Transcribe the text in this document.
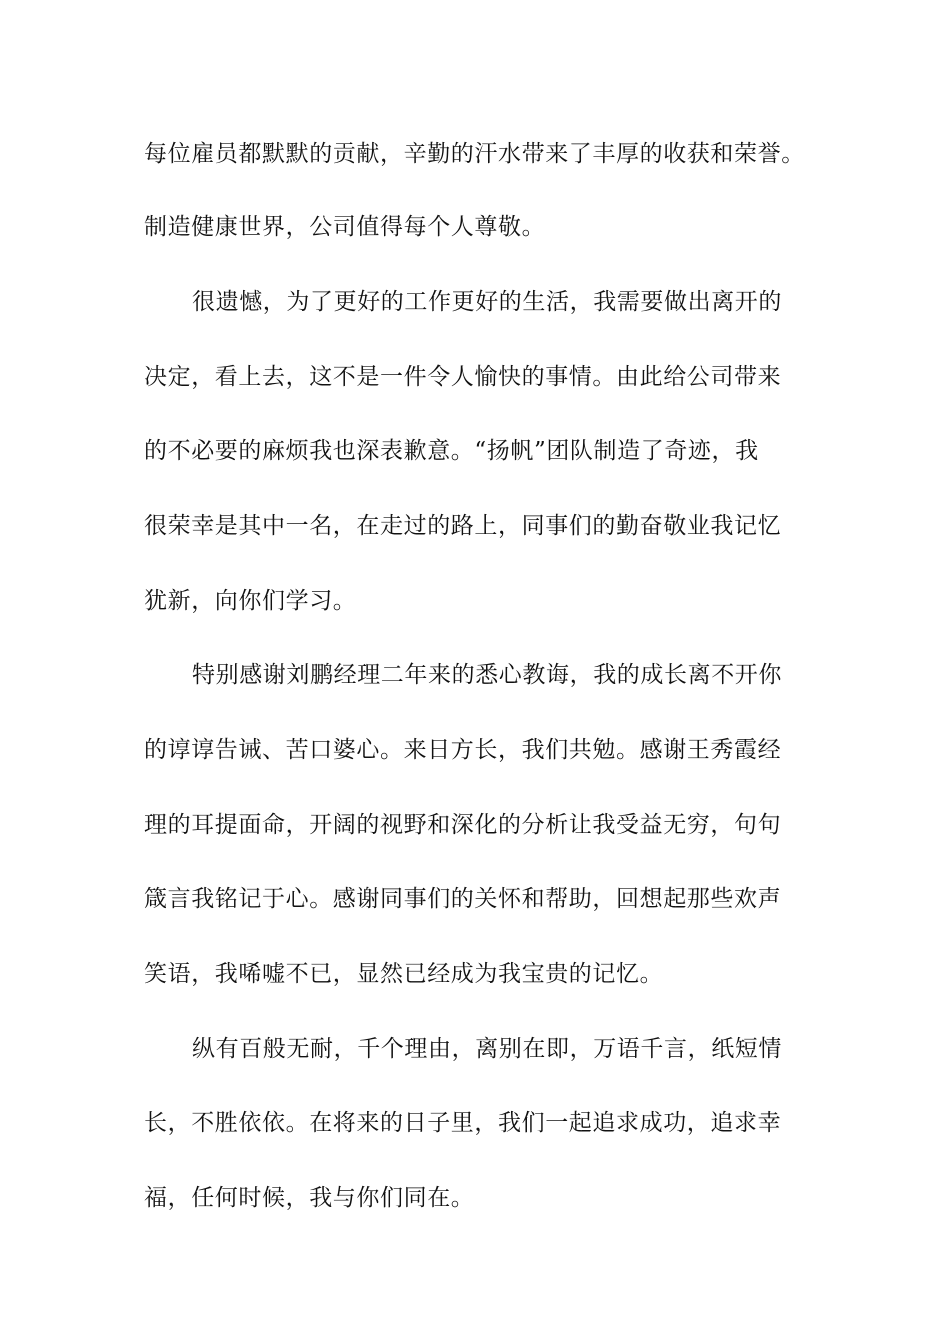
每位雇员都默默的贡献，辛勤的汗水带来了丰厚的收获和荣誉。
制造健康世界，公司值得每个人尊敬。
很遗憾，为了更好的工作更好的生活，我需要做出离开的
决定，看上去，这不是一件令人愉快的事情。由此给公司带来
的不必要的麻烦我也深表歉意。“扬帆”团队制造了奇迹，我
很荣幸是其中一名，在走过的路上，同事们的勤奋敬业我记忆
犹新，向你们学习。
特别感谢刘鹏经理二年来的悉心教诲，我的成长离不开你
的谆谆告诫、苦口婆心。来日方长，我们共勉。感谢王秀霞经
理的耳提面命，开阔的视野和深化的分析让我受益无穷，句句
箴言我铭记于心。感谢同事们的关怀和帮助，回想起那些欢声
笑语，我唏嘘不已，显然已经成为我宝贵的记忆。
纵有百般无耐，千个理由，离别在即，万语千言，纸短情
长，不胜依依。在将来的日子里，我们一起追求成功，追求幸
福，任何时候，我与你们同在。
